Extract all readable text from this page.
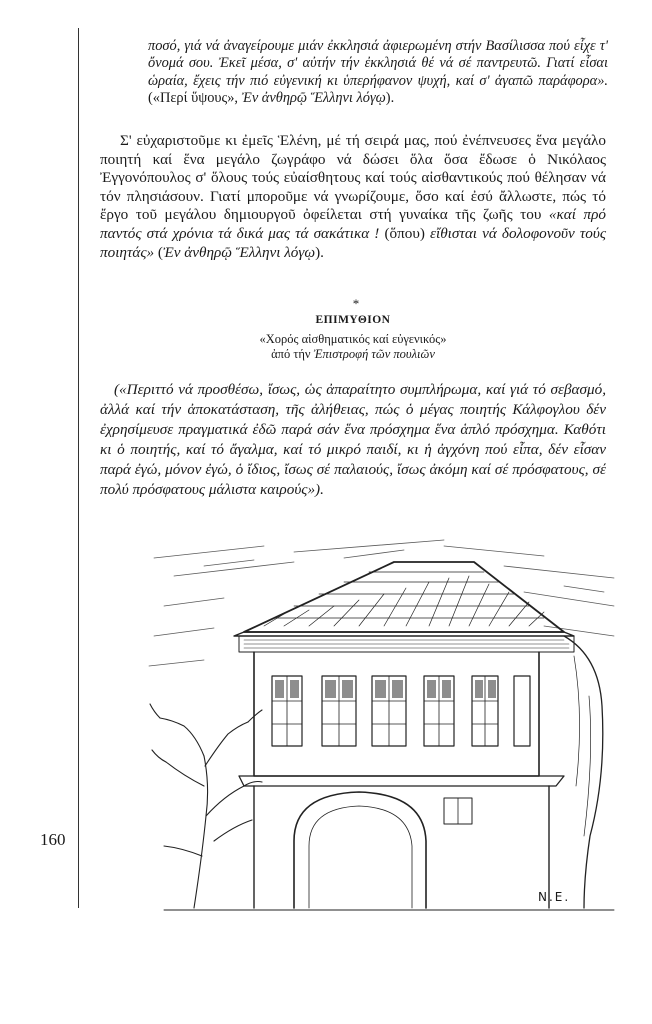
160
ποσό, γιά νά ἀναγείρουμε μιάν ἐκκλησιά ἀφιερωμένη στήν Βασίλισσα πού εἶχε τ' ὄνομά σου. Ἐκεῖ μέσα, σ' αὐτήν τήν ἐκκλησιά θέ νά σέ παντρευτῶ. Γιατί εἶσαι ὡραία, ἔχεις τήν πιό εὐγενική κι ὑπερήφανον ψυχή, καί σ' ἀγαπῶ παράφορα». («Περί ὕψους», Ἐν ἀνθηρῷ Ἕλληνι λόγῳ).
Σ' εὐχαριστοῦμε κι ἐμεῖς Ἑλένη, μέ τή σειρά μας, πού ἐνέπνευσες ἕνα μεγάλο ποιητή καί ἕνα μεγάλο ζωγράφο νά δώσει ὅλα ὅσα ἔδωσε ὁ Νικόλαος Ἐγγονόπουλος σ' ὅλους τούς εὐαίσθητους καί τούς αἰσθαντικούς πού θέλησαν νά τόν πλησιάσουν. Γιατί μποροῦμε νά γνωρίζουμε, ὅσο καί ἐσύ ἄλλωστε, πώς τό ἔργο τοῦ μεγάλου δημιουργοῦ ὀφείλεται στή γυναίκα τῆς ζωῆς του «καί πρό παντός στά χρόνια τά δικά μας τά σακάτικα ! (ὅπου) εἴθισται νά δολοφονοῦν τούς ποιητάς» (Ἐν ἀνθηρῷ Ἕλληνι λόγῳ).
*
ΕΠΙΜΥΘΙΟΝ
«Χορός αἰσθηματικός καί εὐγενικός»
ἀπό τήν Ἐπιστροφή τῶν πουλιῶν
(«Περιττό νά προσθέσω, ἴσως, ὡς ἀπαραίτητο συμπλήρωμα, καί γιά τό σεβασμό, ἀλλά καί τήν ἀποκατάσταση, τῆς ἀλήθειας, πώς ὁ μέγας ποιητής Κάλφογλου δέν ἐχρησίμευσε πραγματικά ἐδῶ παρά σάν ἕνα πρόσχημα ἕνα ἁπλό πρόσχημα. Καθότι κι ὁ ποιητής, καί τό ἄγαλμα, καί τό μικρό παιδί, κι ἡ ἀγχόνη πού εἶπα, δέν εἶσαν παρά ἐγώ, μόνον ἐγώ, ὁ ἴδιος, ἴσως σέ παλαιούς, ἴσως ἀκόμη καί σέ πρόσφατους, σέ πολύ πρόσφατους μάλιστα καιρούς»).
N.E.
